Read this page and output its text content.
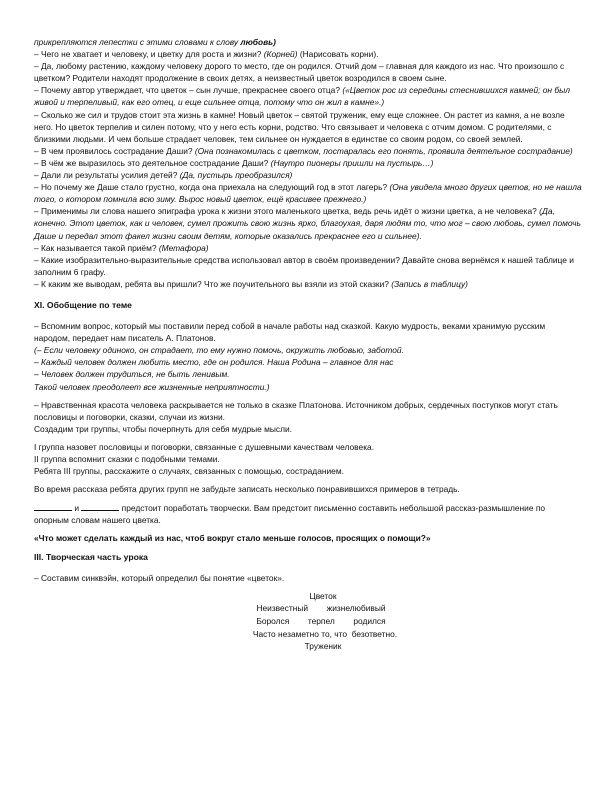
прикрепляются лепестки с этими словами к слову любовь)

– Чего не хватает и человеку, и цветку для роста и жизни? (Корней) (Нарисовать корни).

– Да, любому растению, каждому человеку дорого то место, где он родился. Отчий дом – главная для каждого из нас. Что произошло с цветком? Родители находят продолжение в своих детях, а неизвестный цветок возродился в своем сыне.

– Почему автор утверждает, что цветок – сын лучше, прекраснее своего отца? («Цветок рос из середины стеснившихся камней; он был живой и терпеливый, как его отец, и еще сильнее отца, потому что он жил в камне».)

– Сколько же сил и трудов стоит эта жизнь в камне! Новый цветок – святой труженик, ему еще сложнее. Он растет из камня, а не возле него. Но цветок терпелив и силен потому, что у него есть корни, родство. Что связывает и человека с отчим домом. С родителями, с близкими людьми. И чем больше страдает человек, тем сильнее он нуждается в единстве со своим родом, со своей землей.

– В чем проявилось сострадание Даши? (Она познакомилась с цветком, постаралась его понять, проявила деятельное сострадание)

– В чём же выразилось это деятельное сострадание Даши? (Наутро пионеры пришли на пустырь…)

– Дали ли результаты усилия детей? (Да, пустырь преобразился)

– Но почему же Даше стало грустно, когда она приехала на следующий год в этот лагерь? (Она увидела много других цветов, но не нашла того, о котором помнила всю зиму. Вырос новый цветок, ещё красивее прежнего.)

– Применимы ли слова нашего эпиграфа урока к жизни этого маленького цветка, ведь речь идёт о жизни цветка, а не человека? (Да, конечно. Этот цветок, как и человек, сумел прожить свою жизнь ярко, благоухая, даря людям то, что мог – свою любовь, сумел помочь Даше и передал этот факел жизни своим детям, которые оказались прекраснее его и сильнее).

– Как называется такой приём? (Метафора)

– Какие изобразительно-выразительные средства использовал автор в своём произведении? Давайте снова вернёмся к нашей таблице и заполним 6 графу.

– К каким же выводам, ребята вы пришли? Что же поучительного вы взяли из этой сказки? (Запись в таблицу)

XI. Обобщение по теме

– Вспомним вопрос, который мы поставили перед собой в начале работы над сказкой. Какую мудрость, веками хранимую русским народом, передает нам писатель А. Платонов.

(– Если человеку одиноко, он страдает, то ему нужно помочь, окружить любовью, заботой.

– Каждый человек должен любить место, где он родился. Наша Родина – главное для нас

– Человек должен трудиться, не быть ленивым.

Такой человек преодолеет все жизненные неприятности.)

– Нравственная красота человека раскрывается не только в сказке Платонова. Источником добрых, сердечных поступков могут стать пословицы и поговорки, сказки, случаи из жизни.

Создадим три группы, чтобы почерпнуть для себя мудрые мысли.

I группа назовет пословицы и поговорки, связанные с душевными качествам человека.

II группа вспомнит сказки с подобными темами.

Ребята III группы, расскажите о случаях, связанных с помощью, состраданием.

Во время рассказа ребята других групп не забудьте записать несколько понравившихся примеров в тетрадь.

и	предстоит поработать творчески. Вам предстоит письменно составить небольшой рассказ-размышление по опорным словам нашего цветка.

«Что может сделать каждый из нас, чтоб вокруг стало меньше голосов, просящих о помощи?»

III. Творческая часть урока

– Составим синквэйн, который определил бы понятие «цветок».

Цветок

Неизвестный        жизнелюбивый

Боролся        терпел        родился

Часто незаметно то, что  безответно.

Труженик
